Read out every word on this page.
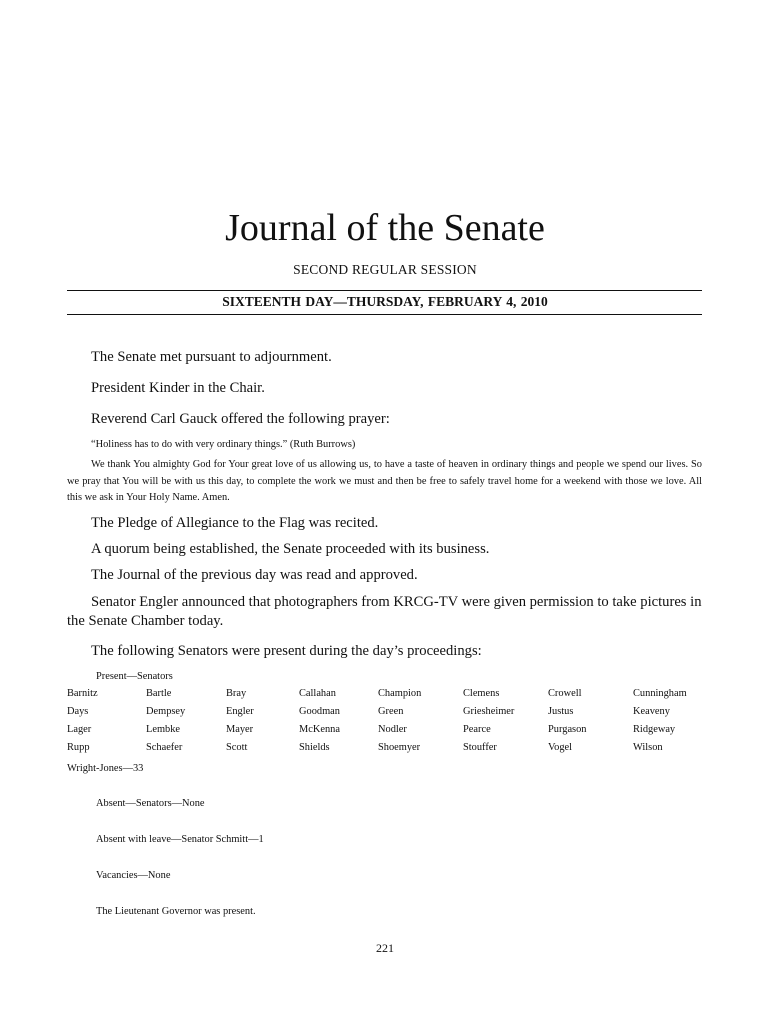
Journal of the Senate
SECOND REGULAR SESSION
SIXTEENTH DAY—THURSDAY, FEBRUARY 4, 2010

The Senate met pursuant to adjournment.

President Kinder in the Chair.

Reverend Carl Gauck offered the following prayer:

“Holiness has to do with very ordinary things.” (Ruth Burrows)

We thank You almighty God for Your great love of us allowing us, to have a taste of heaven in ordinary things and people we spend our lives. So we pray that You will be with us this day, to complete the work we must and then be free to safely travel home for a weekend with those we love. All this we ask in Your Holy Name. Amen.

The Pledge of Allegiance to the Flag was recited.

A quorum being established, the Senate proceeded with its business.

The Journal of the previous day was read and approved.

Senator Engler announced that photographers from KRCG-TV were given permission to take pictures in the Senate Chamber today.

The following Senators were present during the day’s proceedings:

Present—Senators
Barnitz	Bartle	Bray	Callahan	Champion	Clemens	Crowell	Cunningham
Days	Dempsey	Engler	Goodman	Green	Griesheimer	Justus	Keaveny
Lager	Lembke	Mayer	McKenna	Nodler	Pearce	Purgason	Ridgeway
Rupp	Schaefer	Scott	Shields	Shoemyer	Stouffer	Vogel	Wilson
Wright-Jones—33
Absent—Senators—None
Absent with leave—Senator Schmitt—1
Vacancies—None
The Lieutenant Governor was present.
221
